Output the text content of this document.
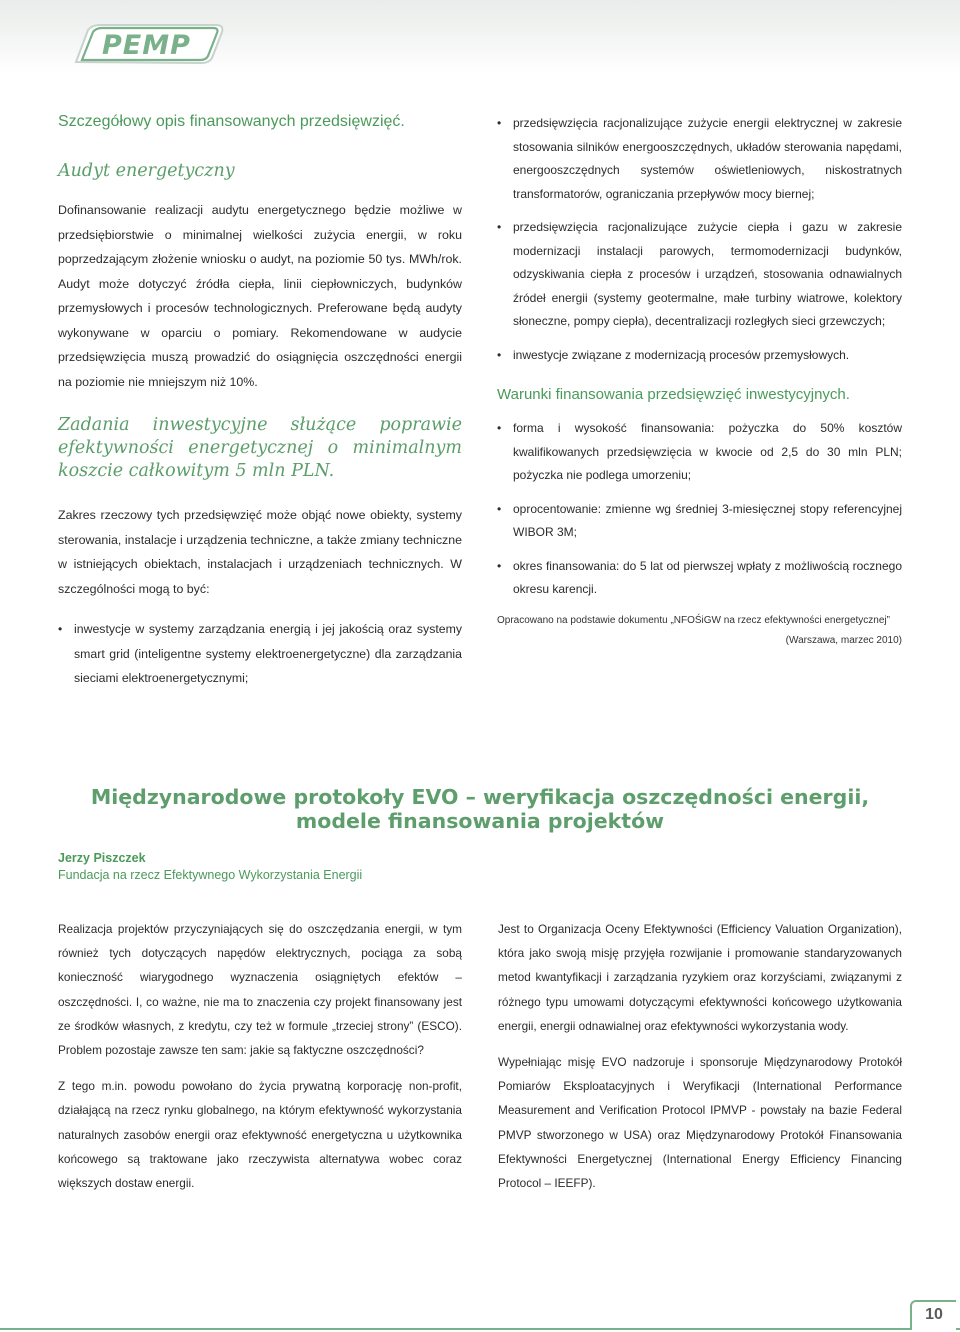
PEMP
Szczegółowy opis finansowanych przedsięwzięć.
Audyt energetyczny
Dofinansowanie realizacji audytu energetycznego będzie możliwe w przedsiębiorstwie o minimalnej wielkości zużycia energii, w roku poprzedzającym złożenie wniosku o audyt, na poziomie 50 tys. MWh/rok. Audyt może dotyczyć źródła ciepła, linii ciepłowniczych, budynków przemysłowych i procesów technologicznych. Preferowane będą audyty wykonywane w oparciu o pomiary. Rekomendowane w audycie przedsięwzięcia muszą prowadzić do osiągnięcia oszczędności energii na poziomie nie mniejszym niż 10%.
Zadania inwestycyjne służące poprawie efektywności energetycznej o minimalnym koszcie całkowitym 5 mln PLN.
Zakres rzeczowy tych przedsięwzięć może objąć nowe obiekty, systemy sterowania, instalacje i urządzenia techniczne, a także zmiany techniczne w istniejących obiektach, instalacjach i urządzeniach technicznych. W szczególności mogą to być:
• inwestycje w systemy zarządzania energią i jej jakością oraz systemy smart grid (inteligentne systemy elektroenergetyczne) dla zarządzania sieciami elektroenergetycznymi;
• przedsięwzięcia racjonalizujące zużycie energii elektrycznej w zakresie stosowania silników energooszczędnych, układów sterowania napędami, energooszczędnych systemów oświetleniowych, niskostratnych transformatorów, ograniczania przepływów mocy biernej;
• przedsięwzięcia racjonalizujące zużycie ciepła i gazu w zakresie modernizacji instalacji parowych, termomodernizacji budynków, odzyskiwania ciepła z procesów i urządzeń, stosowania odnawialnych źródeł energii (systemy geotermalne, małe turbiny wiatrowe, kolektory słoneczne, pompy ciepła), decentralizacji rozległych sieci grzewczych;
• inwestycje związane z modernizacją procesów przemysłowych.
Warunki finansowania przedsięwzięć inwestycyjnych.
• forma i wysokość finansowania: pożyczka do 50% kosztów kwalifikowanych przedsięwzięcia w kwocie od 2,5 do 30 mln PLN; pożyczka nie podlega umorzeniu;
• oprocentowanie: zmienne wg średniej 3-miesięcznej stopy referencyjnej WIBOR 3M;
• okres finansowania: do 5 lat od pierwszej wpłaty z możliwością rocznego okresu karencji.
Opracowano na podstawie dokumentu „NFOŚiGW na rzecz efektywności energetycznej”
(Warszawa, marzec 2010)
Międzynarodowe protokoły EVO – weryfikacja oszczędności energii,
modele finansowania projektów
Jerzy Piszczek
Fundacja na rzecz Efektywnego Wykorzystania Energii
Realizacja projektów przyczyniających się do oszczędzania energii, w tym również tych dotyczących napędów elektrycznych, pociąga za sobą konieczność wiarygodnego wyznaczenia osiągniętych efektów – oszczędności. I, co ważne, nie ma to znaczenia czy projekt finansowany jest ze środków własnych, z kredytu, czy też w formule „trzeciej strony” (ESCO). Problem pozostaje zawsze ten sam: jakie są faktyczne oszczędności?
Z tego m.in. powodu powołano do życia prywatną korporację non-profit, działającą na rzecz rynku globalnego, na którym efektywność wykorzystania naturalnych zasobów energii oraz efektywność energetyczna u użytkownika końcowego są traktowane jako rzeczywista alternatywa wobec coraz większych dostaw energii.
Jest to Organizacja Oceny Efektywności (Efficiency Valuation Organization), która jako swoją misję przyjęła rozwijanie i promowanie standaryzowanych metod kwantyfikacji i zarządzania ryzykiem oraz korzyściami, związanymi z różnego typu umowami dotyczącymi efektywności końcowego użytkowania energii, energii odnawialnej oraz efektywności wykorzystania wody.
Wypełniając misję EVO nadzoruje i sponsoruje Międzynarodowy Protokół Pomiarów Eksploatacyjnych i Weryfikacji (International Performance Measurement and Verification Protocol IPMVP - powstały na bazie Federal PMVP stworzonego w USA) oraz Międzynarodowy Protokół Finansowania Efektywności Energetycznej (International Energy Efficiency Financing Protocol – IEEFP).
10
